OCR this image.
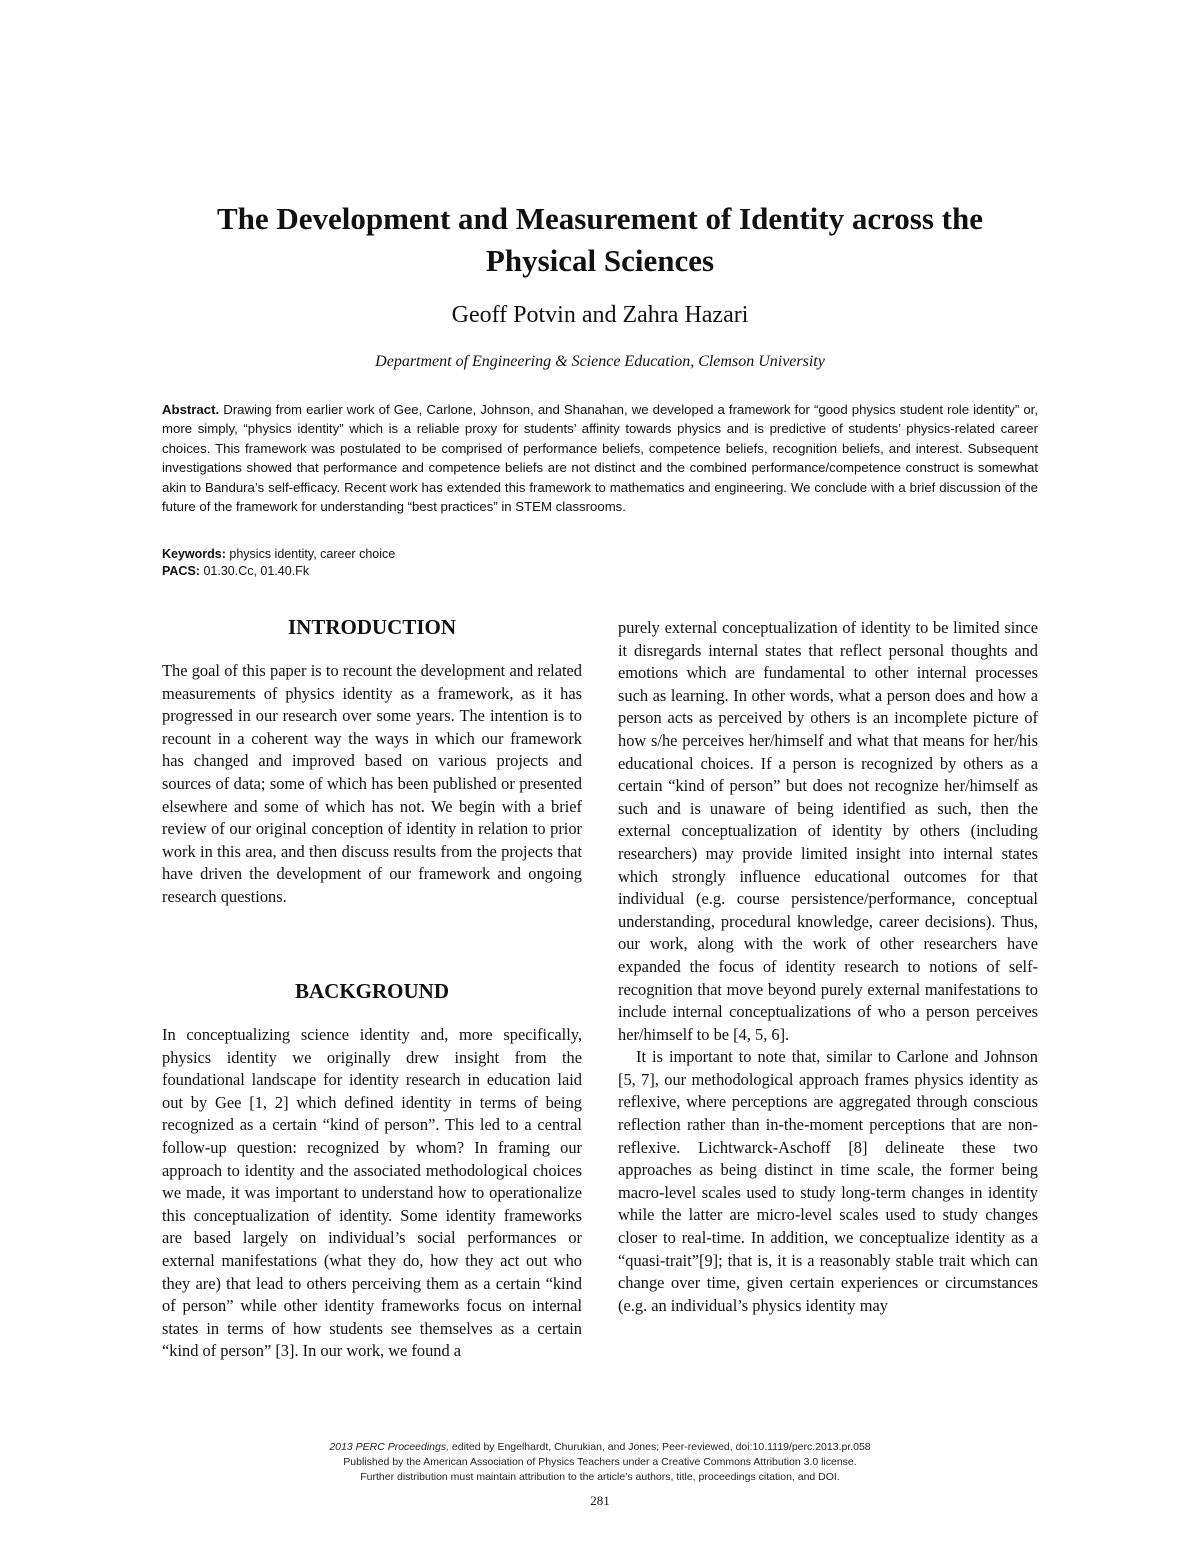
The Development and Measurement of Identity across the
Physical Sciences
Geoff Potvin and Zahra Hazari
Department of Engineering & Science Education, Clemson University
Abstract. Drawing from earlier work of Gee, Carlone, Johnson, and Shanahan, we developed a framework for “good physics student role identity” or, more simply, “physics identity” which is a reliable proxy for students’ affinity towards physics and is predictive of students’ physics-related career choices. This framework was postulated to be comprised of performance beliefs, competence beliefs, recognition beliefs, and interest. Subsequent investigations showed that performance and competence beliefs are not distinct and the combined performance/competence construct is somewhat akin to Bandura’s self-efficacy. Recent work has extended this framework to mathematics and engineering. We conclude with a brief discussion of the future of the framework for understanding “best practices” in STEM classrooms.
Keywords: physics identity, career choice
PACS: 01.30.Cc, 01.40.Fk
INTRODUCTION

The goal of this paper is to recount the development and related measurements of physics identity as a framework, as it has progressed in our research over some years. The intention is to recount in a coherent way the ways in which our framework has changed and improved based on various projects and sources of data; some of which has been published or presented elsewhere and some of which has not. We begin with a brief review of our original conception of identity in relation to prior work in this area, and then discuss results from the projects that have driven the development of our framework and ongoing research questions.

BACKGROUND

In conceptualizing science identity and, more specifically, physics identity we originally drew insight from the foundational landscape for identity research in education laid out by Gee [1, 2] which defined identity in terms of being recognized as a certain “kind of person”. This led to a central follow-up question: recognized by whom? In framing our approach to identity and the associated methodological choices we made, it was important to understand how to operationalize this conceptualization of identity. Some identity frameworks are based largely on individual’s social performances or external manifestations (what they do, how they act out who they are) that lead to others perceiving them as a certain “kind of person” while other identity frameworks focus on internal states in terms of how students see themselves as a certain “kind of person” [3]. In our work, we found a

purely external conceptualization of identity to be limited since it disregards internal states that reflect personal thoughts and emotions which are fundamental to other internal processes such as learning. In other words, what a person does and how a person acts as perceived by others is an incomplete picture of how s/he perceives her/himself and what that means for her/his educational choices. If a person is recognized by others as a certain “kind of person” but does not recognize her/himself as such and is unaware of being identified as such, then the external conceptualization of identity by others (including researchers) may provide limited insight into internal states which strongly influence educational outcomes for that individual (e.g. course persistence/performance, conceptual understanding, procedural knowledge, career decisions). Thus, our work, along with the work of other researchers have expanded the focus of identity research to notions of self-recognition that move beyond purely external manifestations to include internal conceptualizations of who a person perceives her/himself to be [4, 5, 6].

It is important to note that, similar to Carlone and Johnson [5, 7], our methodological approach frames physics identity as reflexive, where perceptions are aggregated through conscious reflection rather than in-the-moment perceptions that are non-reflexive. Lichtwarck-Aschoff [8] delineate these two approaches as being distinct in time scale, the former being macro-level scales used to study long-term changes in identity while the latter are micro-level scales used to study changes closer to real-time. In addition, we conceptualize identity as a “quasi-trait”[9]; that is, it is a reasonably stable trait which can change over time, given certain experiences or circumstances (e.g. an individual’s physics identity may

2013 PERC Proceedings, edited by Engelhardt, Churukian, and Jones; Peer-reviewed, doi:10.1119/perc.2013.pr.058
Published by the American Association of Physics Teachers under a Creative Commons Attribution 3.0 license.
Further distribution must maintain attribution to the article’s authors, title, proceedings citation, and DOI.
281
